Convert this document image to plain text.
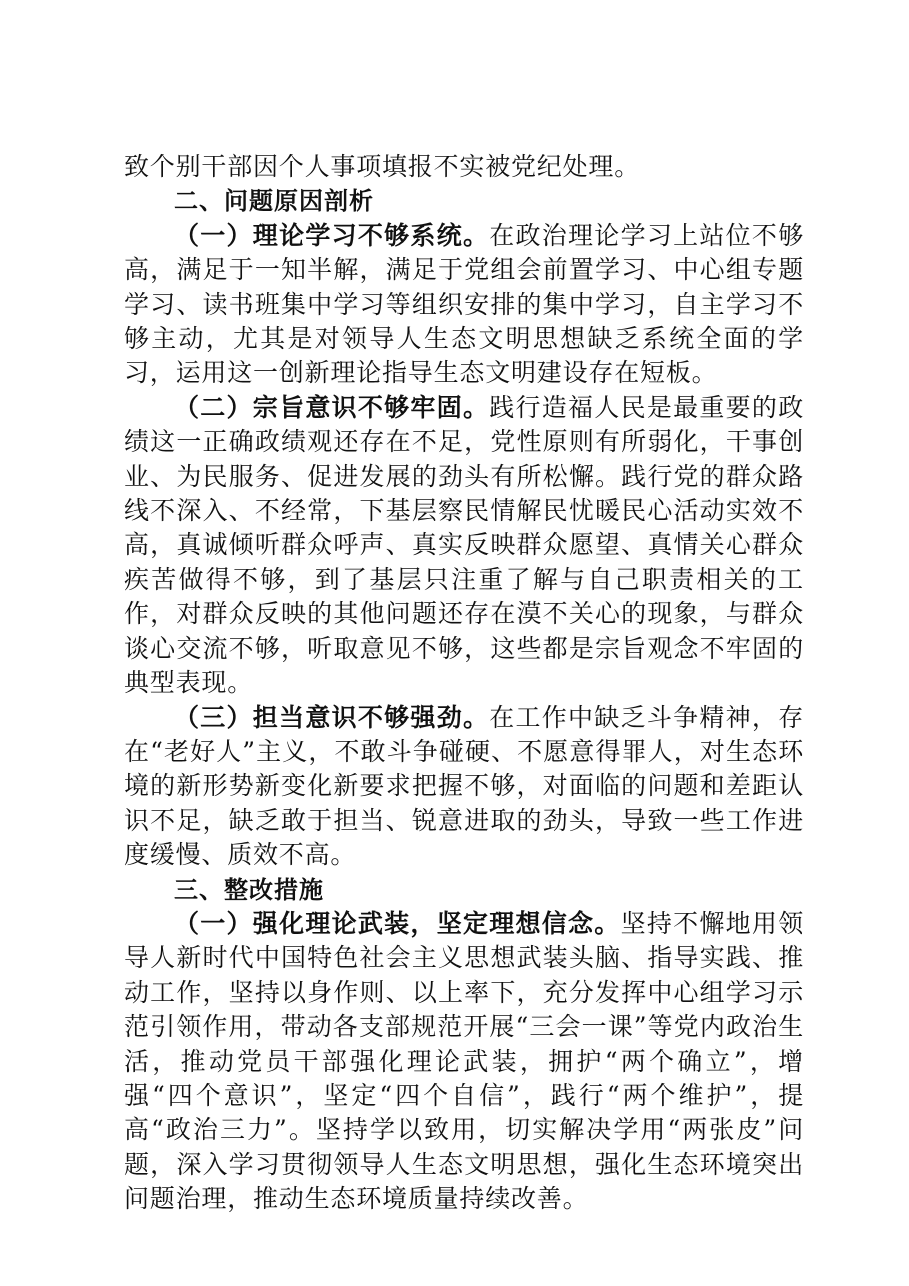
致个别干部因个人事项填报不实被党纪处理。

二、问题原因剖析

（一）理论学习不够系统。在政治理论学习上站位不够高，满足于一知半解，满足于党组会前置学习、中心组专题学习、读书班集中学习等组织安排的集中学习，自主学习不够主动，尤其是对领导人生态文明思想缺乏系统全面的学习，运用这一创新理论指导生态文明建设存在短板。

（二）宗旨意识不够牢固。践行造福人民是最重要的政绩这一正确政绩观还存在不足，党性原则有所弱化，干事创业、为民服务、促进发展的劲头有所松懈。践行党的群众路线不深入、不经常，下基层察民情解民忧暖民心活动实效不高，真诚倾听群众呼声、真实反映群众愿望、真情关心群众疾苦做得不够，到了基层只注重了解与自己职责相关的工作，对群众反映的其他问题还存在漠不关心的现象，与群众谈心交流不够，听取意见不够，这些都是宗旨观念不牢固的典型表现。

（三）担当意识不够强劲。在工作中缺乏斗争精神，存在“老好人”主义，不敢斗争碰硬、不愿意得罪人，对生态环境的新形势新变化新要求把握不够，对面临的问题和差距认识不足，缺乏敢于担当、锐意进取的劲头，导致一些工作进度缓慢、质效不高。

三、整改措施

（一）强化理论武装，坚定理想信念。坚持不懈地用领导人新时代中国特色社会主义思想武装头脑、指导实践、推动工作，坚持以身作则、以上率下，充分发挥中心组学习示范引领作用，带动各支部规范开展“三会一课”等党内政治生活，推动党员干部强化理论武装，拥护“两个确立”，增强“四个意识”，坚定“四个自信”，践行“两个维护”，提高“政治三力”。坚持学以致用，切实解决学用“两张皮”问题，深入学习贯彻领导人生态文明思想，强化生态环境突出问题治理，推动生态环境质量持续改善。
